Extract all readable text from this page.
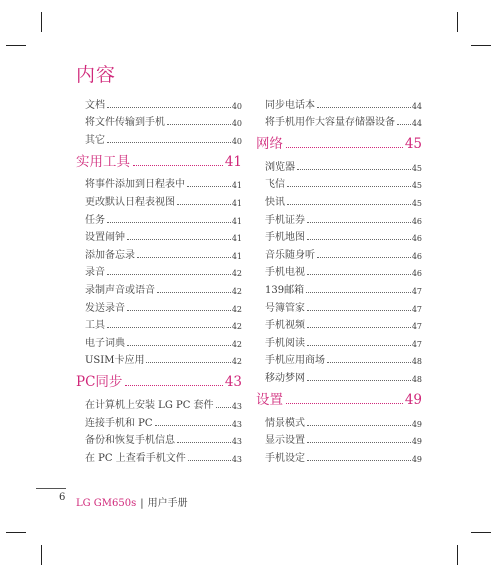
内容
文档	40
将文件传输到手机	40
其它	40
实用工具	41
将事件添加到日程表中	41
更改默认日程表视图	41
任务	41
设置闹钟	41
添加备忘录	41
录音	42
录制声音或语音	42
发送录音	42
工具	42
电子词典	42
USIM卡应用	42
PC同步	43
在计算机上安装 LG PC 套件 43
连接手机和 PC	43
备份和恢复手机信息	43
在 PC 上查看手机文件	43
同步电话本	44
将手机用作大容量存储器设备 44
网络	45
浏览器	45
飞信	45
快讯	45
手机证券	46
手机地图	46
音乐随身听	46
手机电视	46
139邮箱	47
号簿管家	47
手机视频	47
手机阅读	47
手机应用商场	48
移动梦网	48
设置	49
情景模式	49
显示设置	49
手机设定	49
6
LG GM650s | 用户手册
